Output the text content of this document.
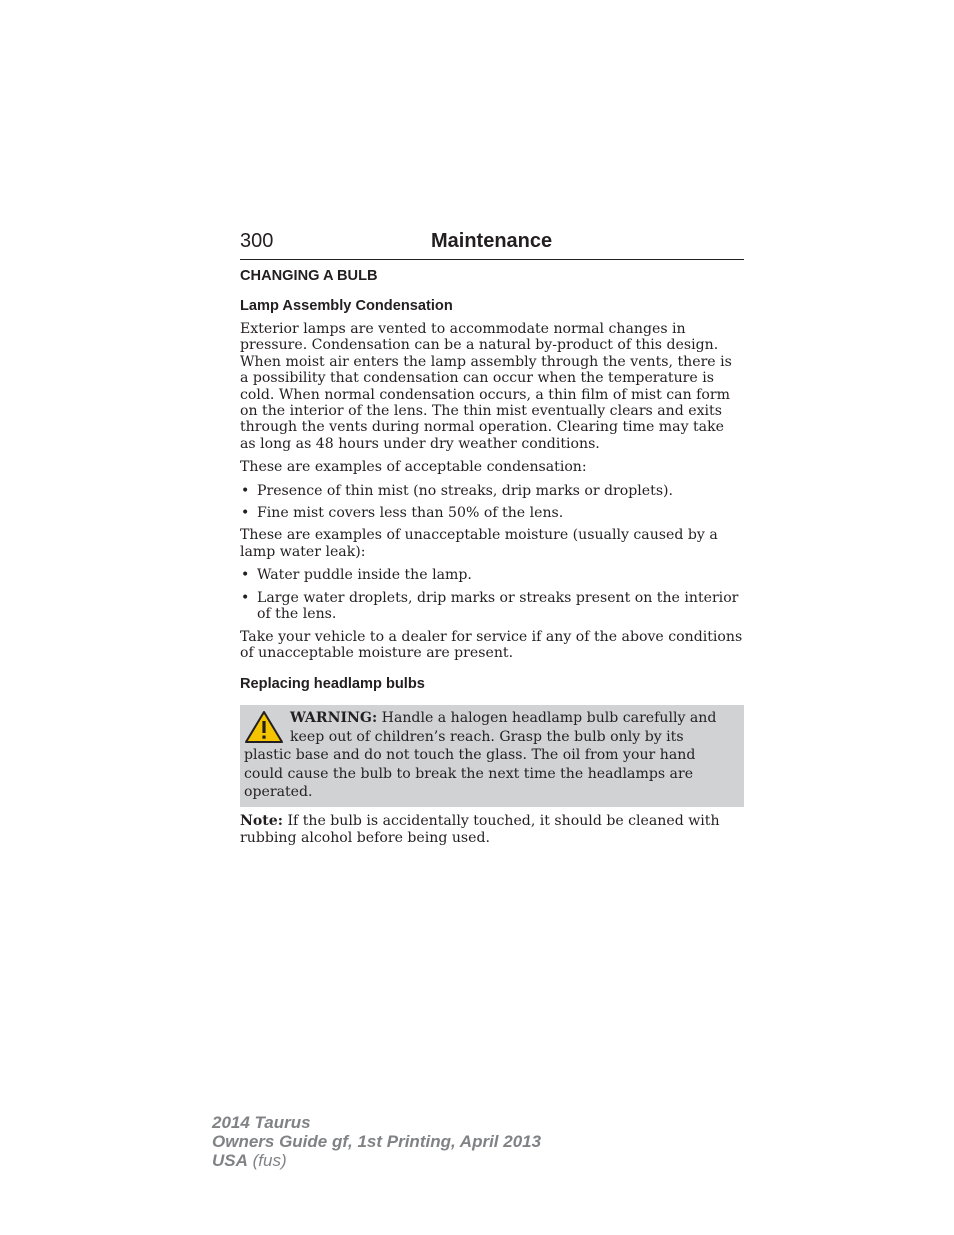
300	Maintenance
CHANGING A BULB
Lamp Assembly Condensation

Exterior lamps are vented to accommodate normal changes in pressure. Condensation can be a natural by-product of this design. When moist air enters the lamp assembly through the vents, there is a possibility that condensation can occur when the temperature is cold. When normal condensation occurs, a thin film of mist can form on the interior of the lens. The thin mist eventually clears and exits through the vents during normal operation. Clearing time may take as long as 48 hours under dry weather conditions.

These are examples of acceptable condensation:

• Presence of thin mist (no streaks, drip marks or droplets).
• Fine mist covers less than 50% of the lens.

These are examples of unacceptable moisture (usually caused by a lamp water leak):

• Water puddle inside the lamp.
• Large water droplets, drip marks or streaks present on the interior of the lens.

Take your vehicle to a dealer for service if any of the above conditions of unacceptable moisture are present.

Replacing headlamp bulbs
WARNING: Handle a halogen headlamp bulb carefully and keep out of children’s reach. Grasp the bulb only by its plastic base and do not touch the glass. The oil from your hand could cause the bulb to break the next time the headlamps are operated.

Note: If the bulb is accidentally touched, it should be cleaned with rubbing alcohol before being used.

2014 Taurus
Owners Guide gf, 1st Printing, April 2013
USA (fus)
